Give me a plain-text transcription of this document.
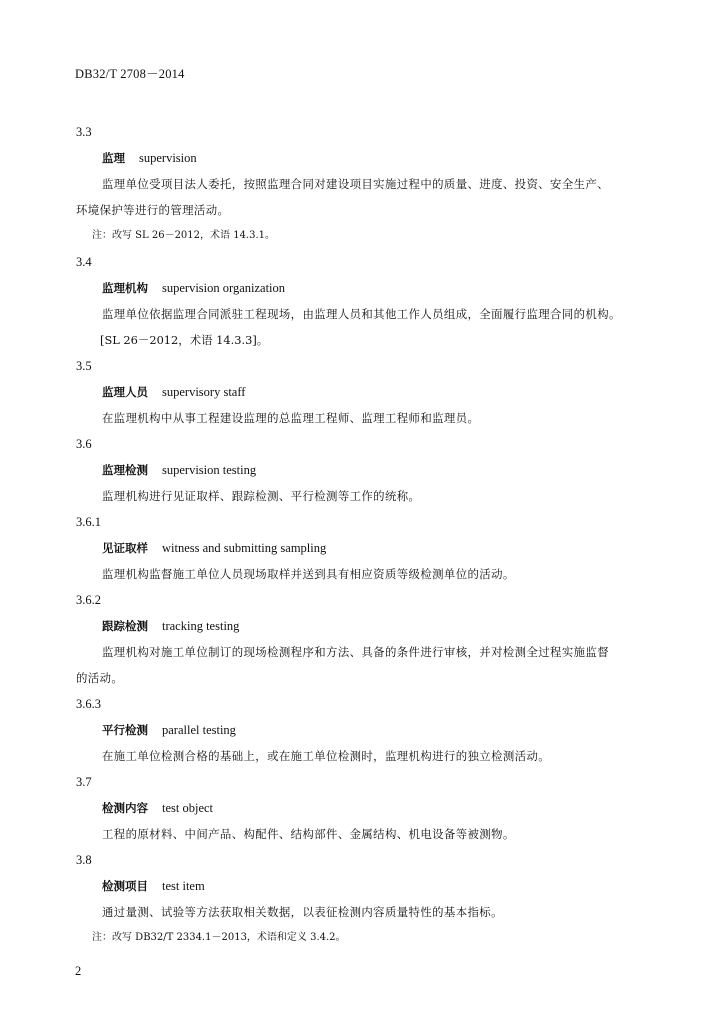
DB32/T 2708－2014
3.3
监理 supervision

监理单位受项目法人委托，按照监理合同对建设项目实施过程中的质量、进度、投资、安全生产、

环境保护等进行的管理活动。

注：改写 SL 26－2012，术语 14.3.1。
3.4
监理机构 supervision organization

监理单位依据监理合同派驻工程现场，由监理人员和其他工作人员组成，全面履行监理合同的机构。

[SL 26－2012，术语 14.3.3]。
3.5
监理人员 supervisory staff

在监理机构中从事工程建设监理的总监理工程师、监理工程师和监理员。

3.6
监理检测 supervision testing

监理机构进行见证取样、跟踪检测、平行检测等工作的统称。

3.6.1
见证取样 witness and submitting sampling

监理机构监督施工单位人员现场取样并送到具有相应资质等级检测单位的活动。

3.6.2
跟踪检测 tracking testing

监理机构对施工单位制订的现场检测程序和方法、具备的条件进行审核，并对检测全过程实施监督

的活动。

3.6.3
平行检测 parallel testing

在施工单位检测合格的基础上，或在施工单位检测时，监理机构进行的独立检测活动。

3.7
检测内容 test object

工程的原材料、中间产品、构配件、结构部件、金属结构、机电设备等被测物。

3.8
检测项目 test item

通过量测、试验等方法获取相关数据，以表征检测内容质量特性的基本指标。

注：改写 DB32/T 2334.1－2013，术语和定义 3.4.2。
2
